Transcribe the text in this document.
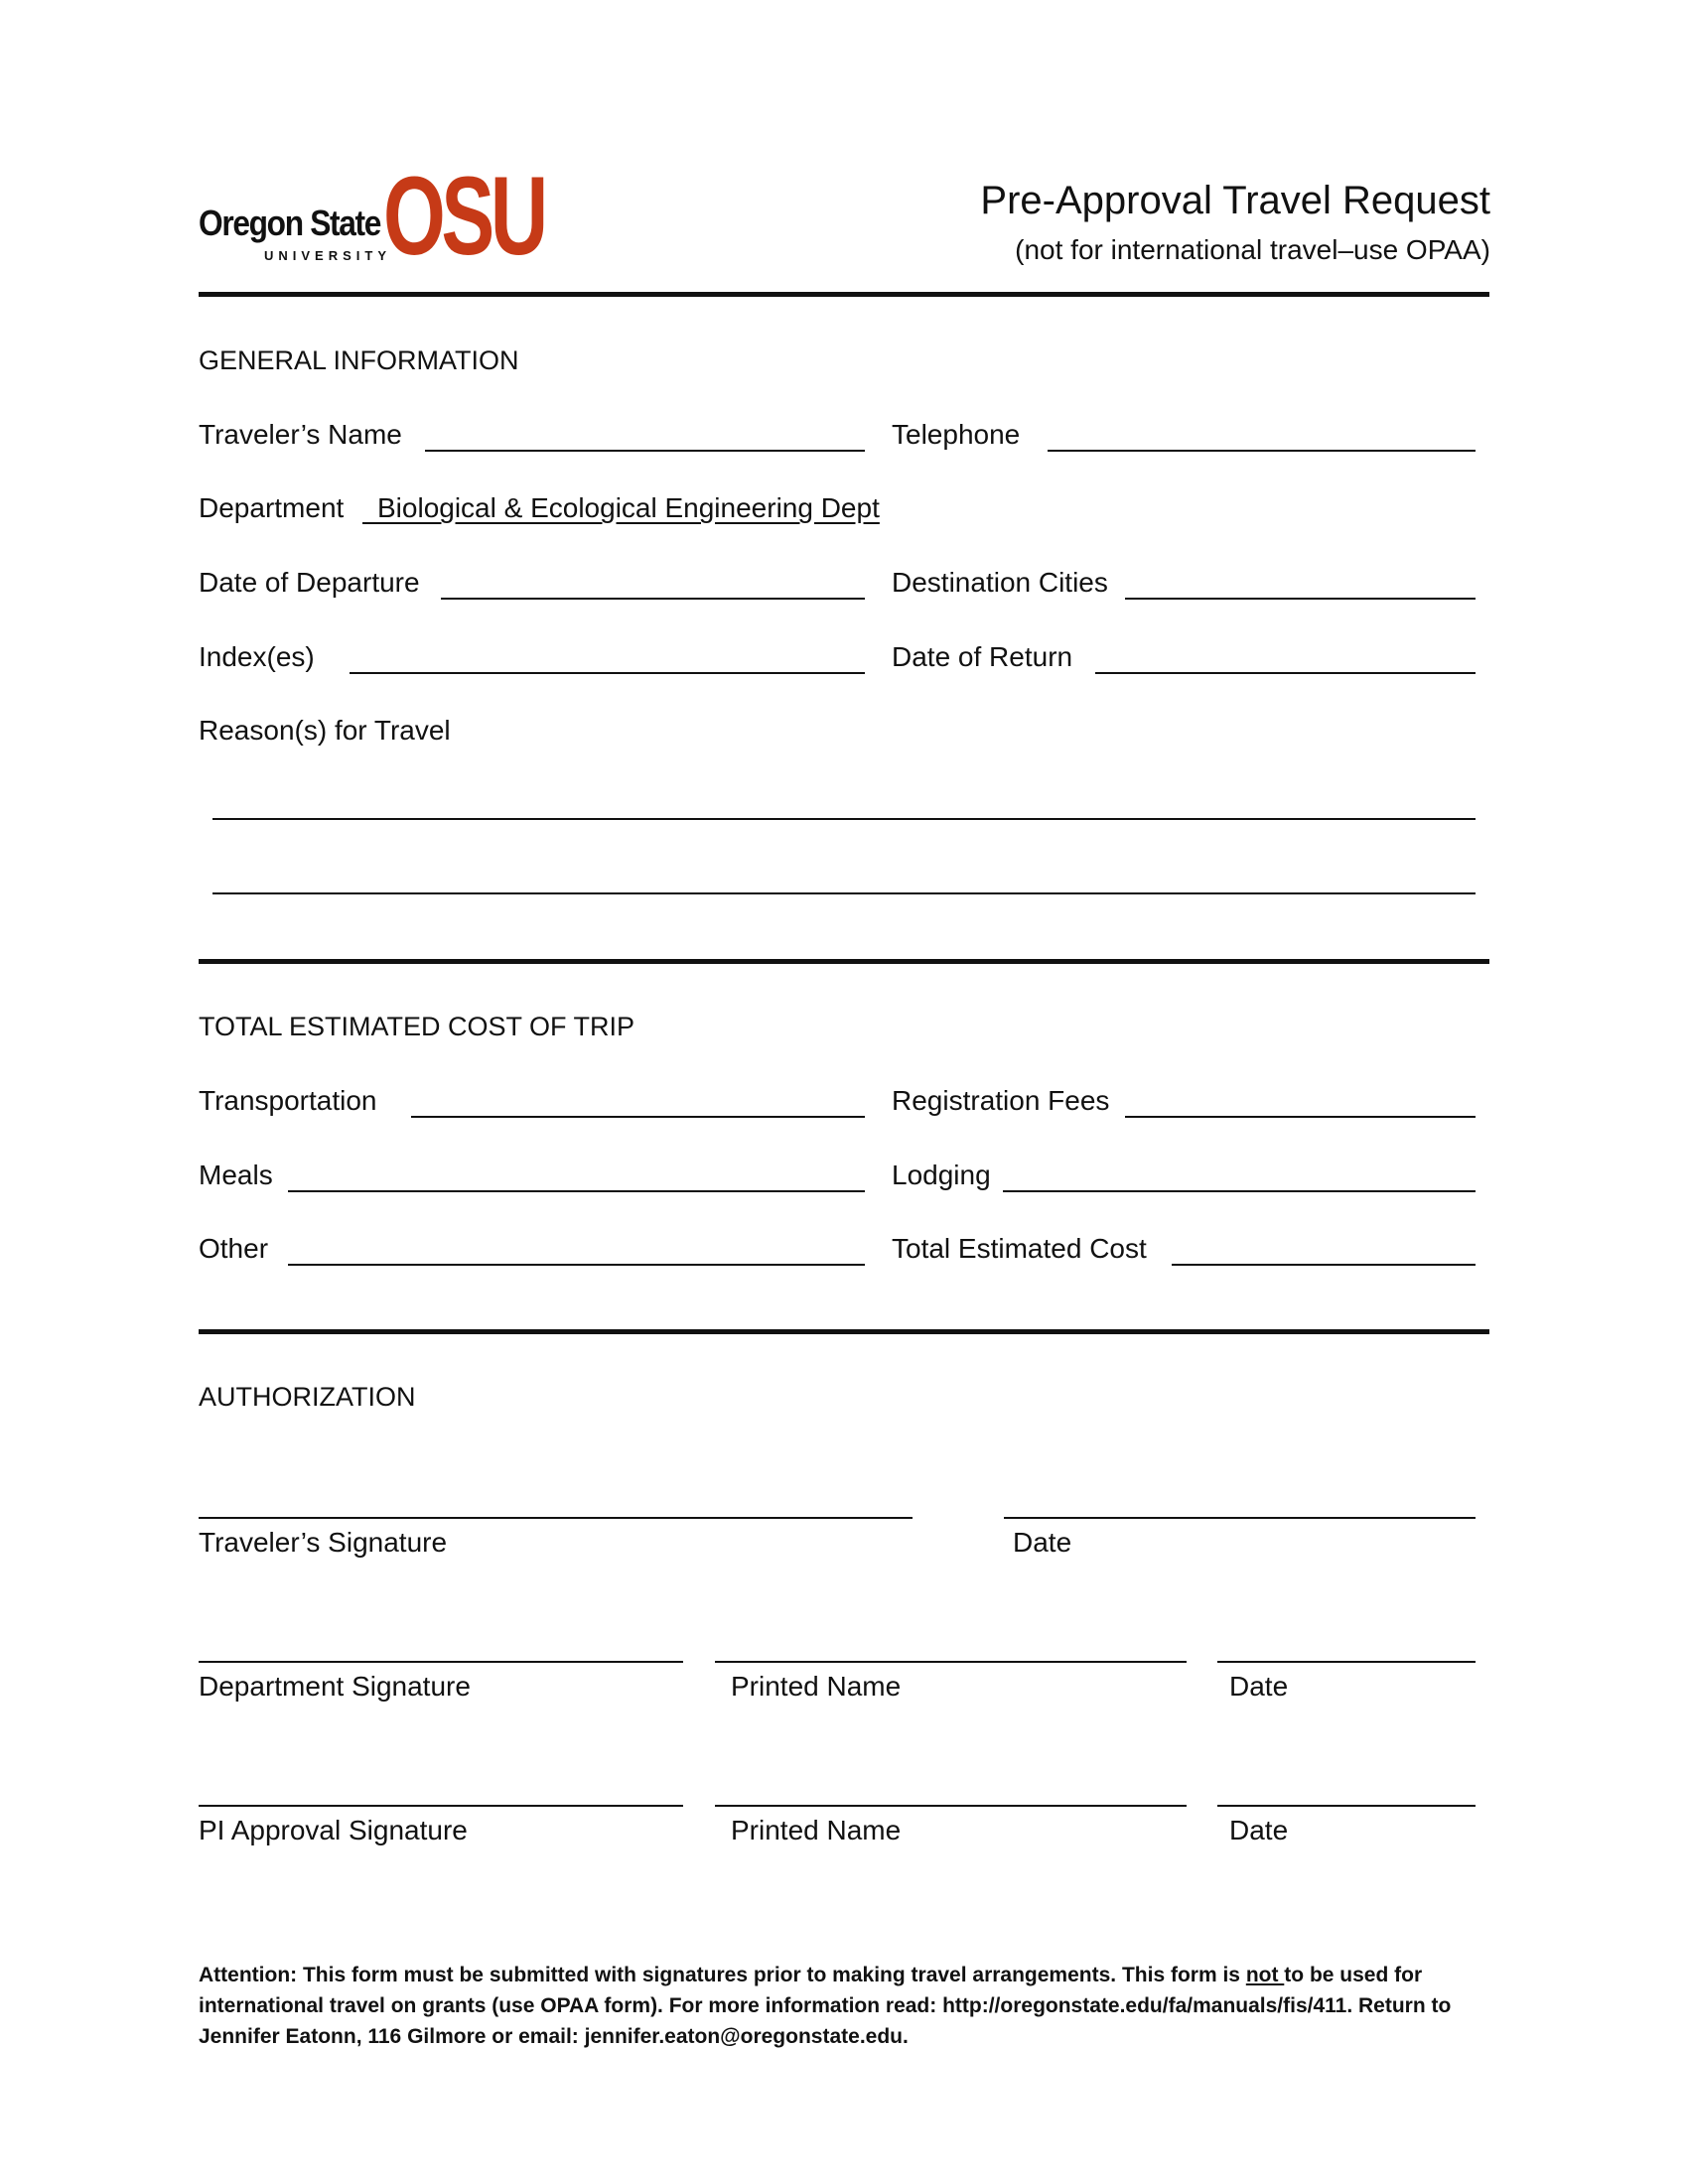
Oregon State
UNIVERSITY
OSU	Pre-Approval Travel Request
(not for international travel–use OPAA)
GENERAL INFORMATION
Traveler’s Name	Telephone
Department Biological & Ecological Engineering Dept
Date of Departure	Destination Cities
Index(es)	Date of Return
Reason(s) for Travel
TOTAL ESTIMATED COST OF TRIP
Transportation	Registration Fees
Meals	Lodging
Other	Total Estimated Cost
AUTHORIZATION
Traveler’s Signature	Date
Department Signature	Printed Name	Date
PI Approval Signature	Printed Name	Date
Attention: This form must be submitted with signatures prior to making travel arrangements. This form is not to be used for international travel on grants (use OPAA form). For more information read: http://oregonstate.edu/fa/manuals/fis/411. Return to Jennifer Eatonn, 116 Gilmore or email: jennifer.eaton@oregonstate.edu.
